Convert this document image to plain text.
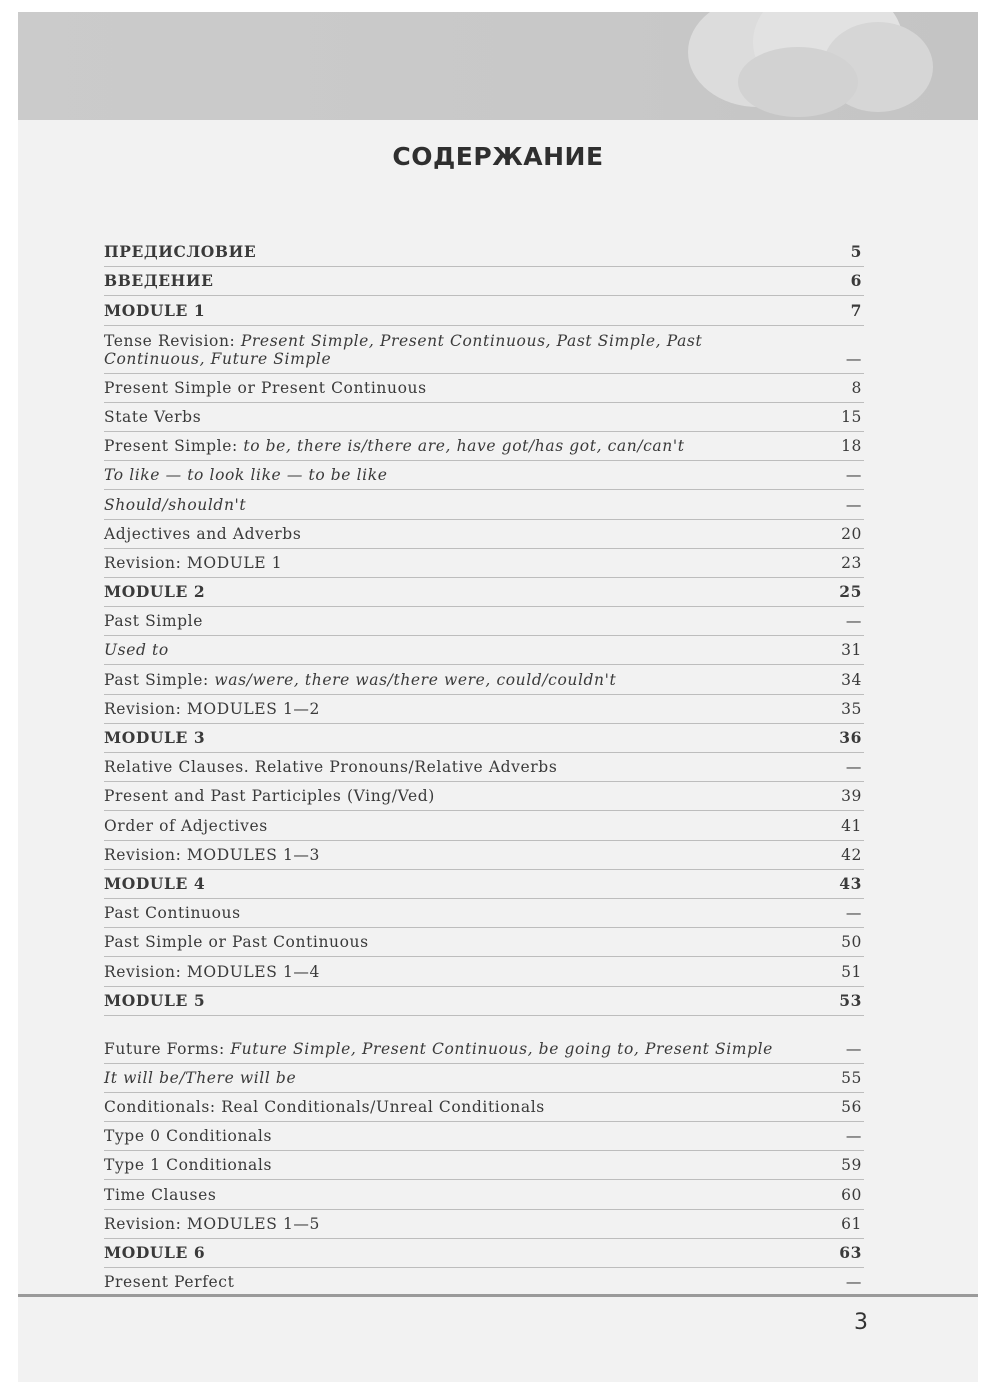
СОДЕРЖАНИЕ
ПРЕДИСЛОВИЕ	5
ВВЕДЕНИЕ	6
MODULE 1	7
Tense Revision: Present Simple, Present Continuous, Past Simple, Past Continuous, Future Simple	—
Present Simple or Present Continuous	8
State Verbs	15
Present Simple: to be, there is/there are, have got/has got, can/can't	18
To like — to look like — to be like	—
Should/shouldn't	—
Adjectives and Adverbs	20
Revision: MODULE 1	23
MODULE 2	25
Past Simple	—
Used to	31
Past Simple: was/were, there was/there were, could/couldn't	34
Revision: MODULES 1—2	35
MODULE 3	36
Relative Clauses. Relative Pronouns/Relative Adverbs	—
Present and Past Participles (Ving/Ved)	39
Order of Adjectives	41
Revision: MODULES 1—3	42
MODULE 4	43
Past Continuous	—
Past Simple or Past Continuous	50
Revision: MODULES 1—4	51
MODULE 5	53
Future Forms: Future Simple, Present Continuous, be going to, Present Simple	—
It will be/There will be	55
Conditionals: Real Conditionals/Unreal Conditionals	56
Type 0 Conditionals	—
Type 1 Conditionals	59
Time Clauses	60
Revision: MODULES 1—5	61
MODULE 6	63
Present Perfect	—
3
